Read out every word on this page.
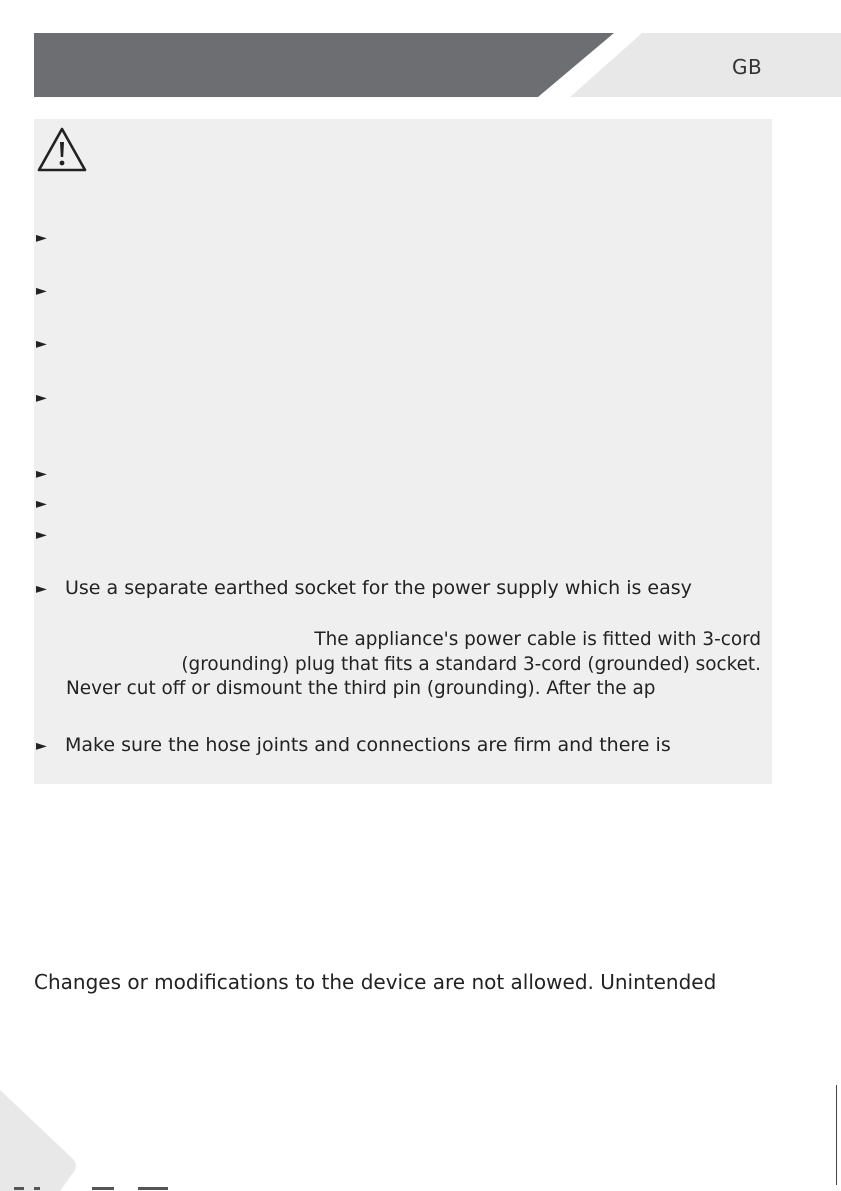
GB
►
►
►
►
►
►
►
► Use a separate earthed socket for the power supply which is easy
The appliance's power cable is fitted with 3-cord
(grounding) plug that fits a standard 3-cord (grounded) socket.
Never cut off or dismount the third pin (grounding). After the ap
► Make sure the hose joints and connections are firm and there is
Changes or modifications to the device are not allowed. Unintended
